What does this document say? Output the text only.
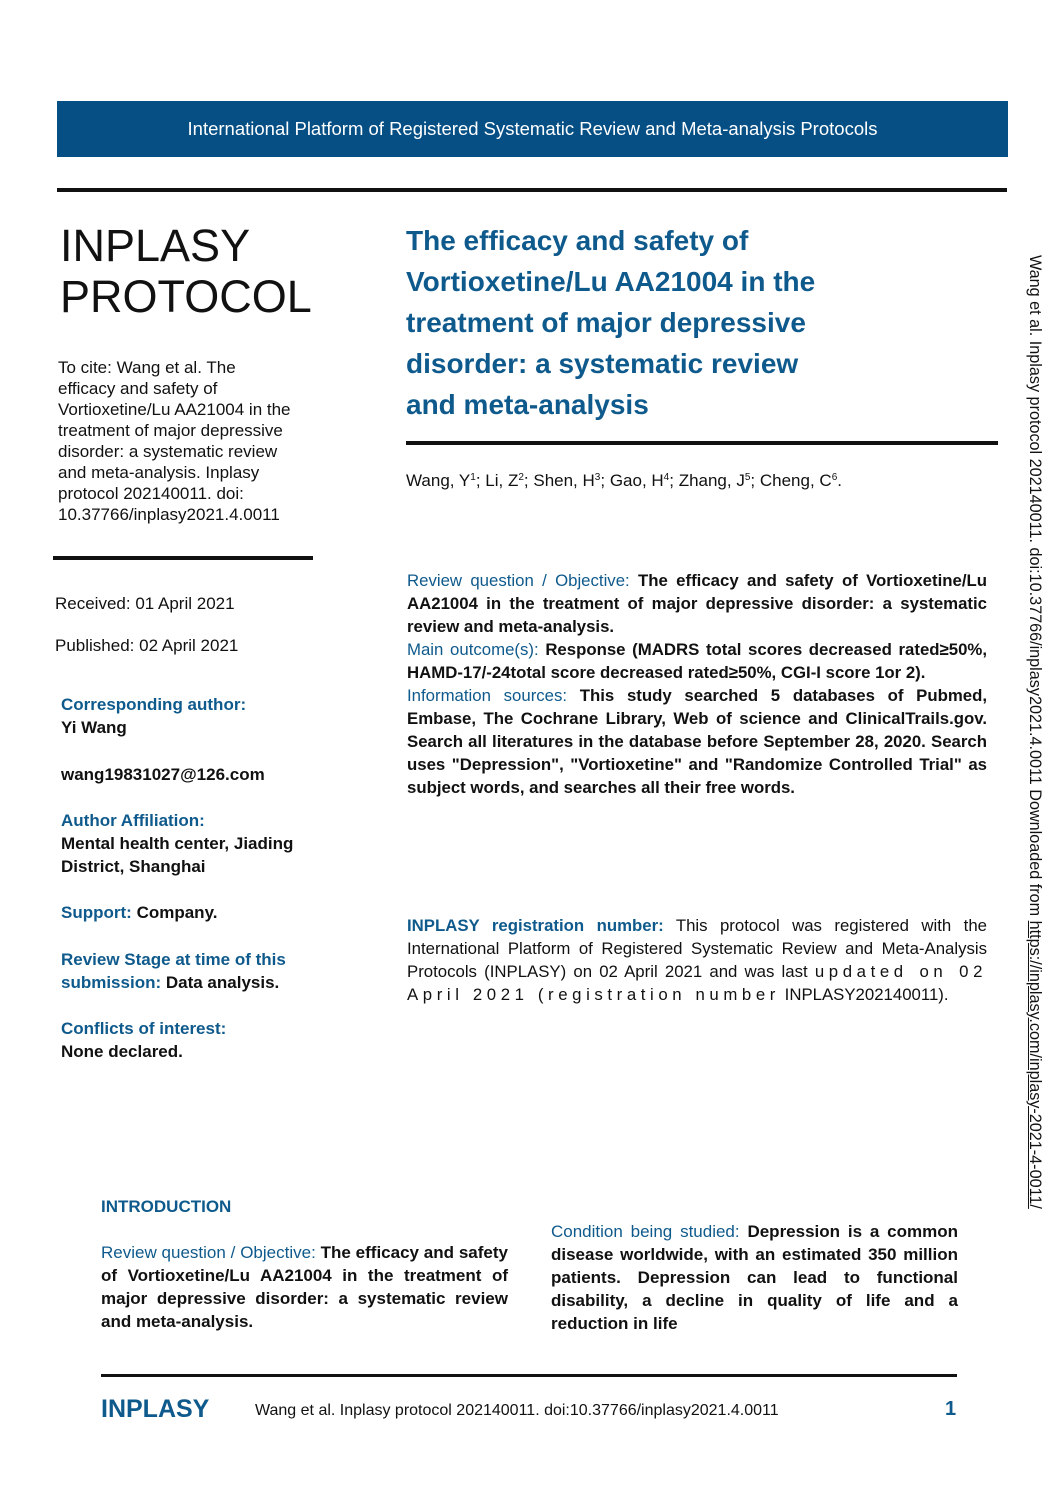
International Platform of Registered Systematic Review and Meta-analysis Protocols
INPLASY
PROTOCOL
To cite: Wang et al. The
efficacy and safety of
Vortioxetine/Lu AA21004 in the
treatment of major depressive
disorder: a systematic review
and meta-analysis. Inplasy
protocol 202140011. doi:
10.37766/inplasy2021.4.0011
Received: 01 April 2021
Published: 02 April 2021
Corresponding author:
Yi Wang
wang19831027@126.com
Author Affiliation:
Mental health center, Jiading
District, Shanghai
Support: Company.
Review Stage at time of this
submission: Data analysis.
Conflicts of interest:
None declared.
The efficacy and safety of
Vortioxetine/Lu AA21004 in the
treatment of major depressive
disorder: a systematic review
and meta-analysis
Wang, $Y^1$; Li, $Z^2$; Shen, $H^3$; Gao, $H^4$; Zhang, $J^5$; Cheng, $C^6$.

Review question / Objective: The efficacy and safety of Vortioxetine/Lu AA21004 in the treatment of major depressive disorder: a systematic review and meta-analysis.

Main outcome(s): Response (MADRS total scores decreased rated≥50%, HAMD-17/-24total score decreased rated≥50%, CGI-I score 1or 2).

Information sources: This study searched 5 databases of Pubmed, Embase, The Cochrane Library, Web of science and ClinicalTrails.gov. Search all literatures in the database before September 28, 2020. Search uses "Depression", "Vortioxetine" and "Randomize Controlled Trial" as subject words, and searches all their free words.

INPLASY registration number: This protocol was registered with the International Platform of Registered Systematic Review and Meta-Analysis Protocols (INPLASY) on 02 April 2021 and was last updated on 02 April 2021 (registration number INPLASY202140011).
INTRODUCTION
Review question / Objective: The efficacy and safety of Vortioxetine/Lu AA21004 in the treatment of major depressive disorder: a systematic review and meta-analysis.
Condition being studied: Depression is a common disease worldwide, with an estimated 350 million patients. Depression can lead to functional disability, a decline in quality of life and a reduction in life
Wang et al. Inplasy protocol 202140011. doi:10.37766/inplasy2021.4.0011 Downloaded from https://inplasy.com/inplasy-2021-4-0011/
INPLASY	Wang et al. Inplasy protocol 202140011. doi:10.37766/inplasy2021.4.0011	1
